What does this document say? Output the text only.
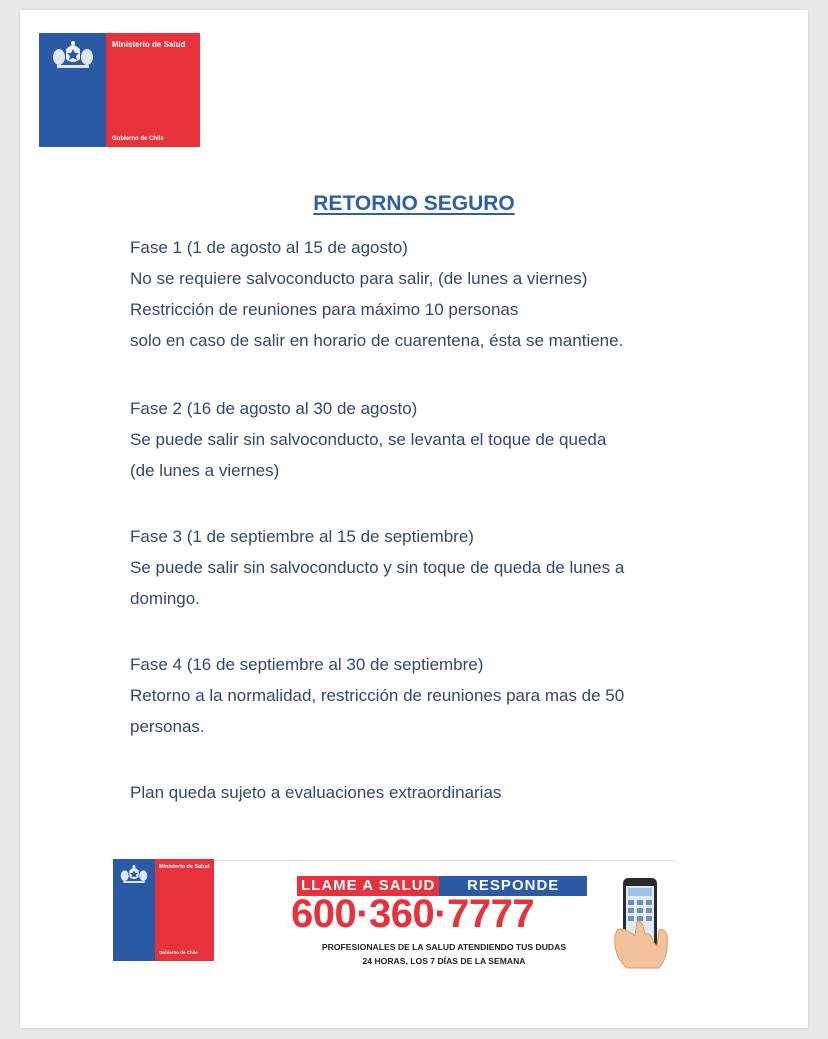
Ministerio de Salud
Gobierno de Chile
RETORNO SEGURO

Fase 1 (1 de agosto al 15 de agosto)

No se requiere salvoconducto para salir, (de lunes a viernes)

Restricción de reuniones para máximo 10 personas

solo en caso de salir en horario de cuarentena, ésta se mantiene.

Fase 2 (16 de agosto al 30 de agosto)

Se puede salir sin salvoconducto, se levanta el toque de queda

(de lunes a viernes)

Fase 3 (1 de septiembre al 15 de septiembre)

Se puede salir sin salvoconducto y sin toque de queda de lunes a

domingo.

Fase 4 (16 de septiembre al 30 de septiembre)

Retorno a la normalidad, restricción de reuniones para mas de 50

personas.

Plan queda sujeto a evaluaciones extraordinarias

Ministerio de Salud
Gobierno de Chile
LLAME A SALUD	RESPONDE
600·360·7777
PROFESIONALES DE LA SALUD ATENDIENDO TUS DUDAS
24 HORAS, LOS 7 DÍAS DE LA SEMANA
